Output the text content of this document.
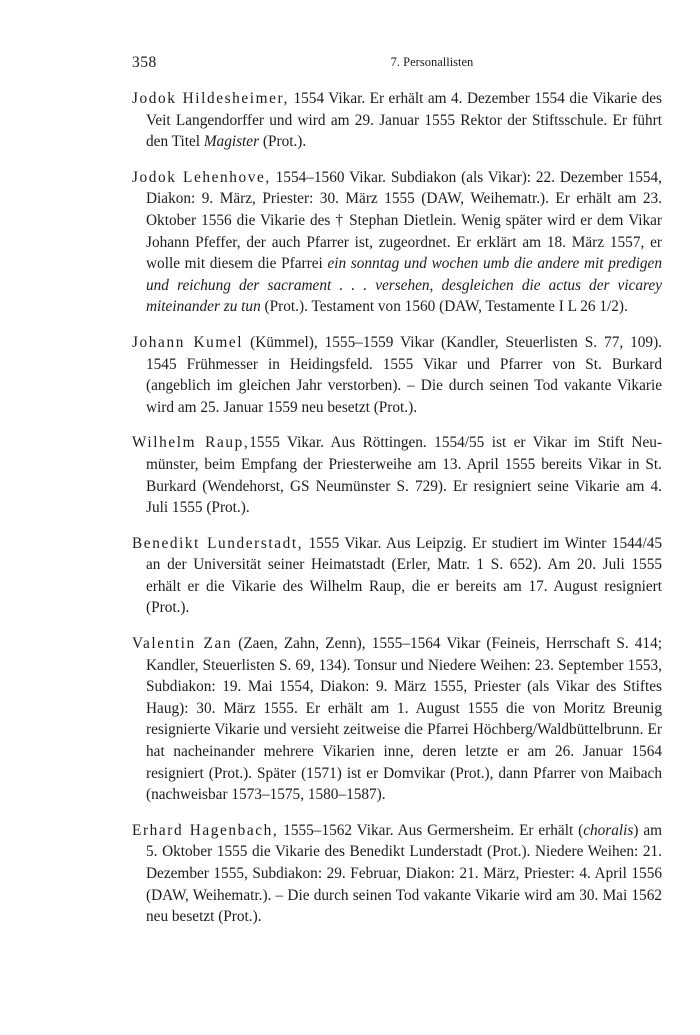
358	7. Personallisten

Jodok Hildesheimer, 1554 Vikar. Er erhält am 4. Dezember 1554 die Vikarie des Veit Langendorffer und wird am 29. Januar 1555 Rektor der Stiftsschule. Er führt den Titel Magister (Prot.).

Jodok Lehenhove, 1554–1560 Vikar. Subdiakon (als Vikar): 22. Dezember 1554, Diakon: 9. März, Priester: 30. März 1555 (DAW, Weihematr.). Er erhält am 23. Oktober 1556 die Vikarie des † Stephan Dietlein. Wenig später wird er dem Vikar Johann Pfeffer, der auch Pfarrer ist, zugeordnet. Er erklärt am 18. März 1557, er wolle mit diesem die Pfarrei ein sonntag und wochen umb die andere mit predigen und reichung der sacrament . . . versehen, desgleichen die actus der vicarey miteinander zu tun (Prot.). Testament von 1560 (DAW, Testamente I L 26 1/2).

Johann Kumel (Kümmel), 1555–1559 Vikar (Kandler, Steuerlisten S. 77, 109). 1545 Frühmesser in Heidingsfeld. 1555 Vikar und Pfarrer von St. Burkard (angeblich im gleichen Jahr verstorben). – Die durch seinen Tod vakante Vikarie wird am 25. Januar 1559 neu besetzt (Prot.).

Wilhelm Raup,1555 Vikar. Aus Röttingen. 1554/55 ist er Vikar im Stift Neumünster, beim Empfang der Priesterweihe am 13. April 1555 bereits Vikar in St. Burkard (Wendehorst, GS Neumünster S. 729). Er resigniert seine Vikarie am 4. Juli 1555 (Prot.).

Benedikt Lunderstadt, 1555 Vikar. Aus Leipzig. Er studiert im Winter 1544/45 an der Universität seiner Heimatstadt (Erler, Matr. 1 S. 652). Am 20. Juli 1555 erhält er die Vikarie des Wilhelm Raup, die er bereits am 17. August resigniert (Prot.).

Valentin Zan (Zaen, Zahn, Zenn), 1555–1564 Vikar (Feineis, Herrschaft S. 414; Kandler, Steuerlisten S. 69, 134). Tonsur und Niedere Weihen: 23. September 1553, Subdiakon: 19. Mai 1554, Diakon: 9. März 1555, Priester (als Vikar des Stiftes Haug): 30. März 1555. Er erhält am 1. August 1555 die von Moritz Breunig resignierte Vikarie und versieht zeitweise die Pfarrei Höchberg/Waldbüttelbrunn. Er hat nacheinander mehrere Vikarien inne, deren letzte er am 26. Januar 1564 resigniert (Prot.). Später (1571) ist er Domvikar (Prot.), dann Pfarrer von Maibach (nachweisbar 1573–1575, 1580–1587).

Erhard Hagenbach, 1555–1562 Vikar. Aus Germersheim. Er erhält (choralis) am 5. Oktober 1555 die Vikarie des Benedikt Lunderstadt (Prot.). Niedere Weihen: 21. Dezember 1555, Subdiakon: 29. Februar, Diakon: 21. März, Priester: 4. April 1556 (DAW, Weihematr.). – Die durch seinen Tod vakante Vikarie wird am 30. Mai 1562 neu besetzt (Prot.).
